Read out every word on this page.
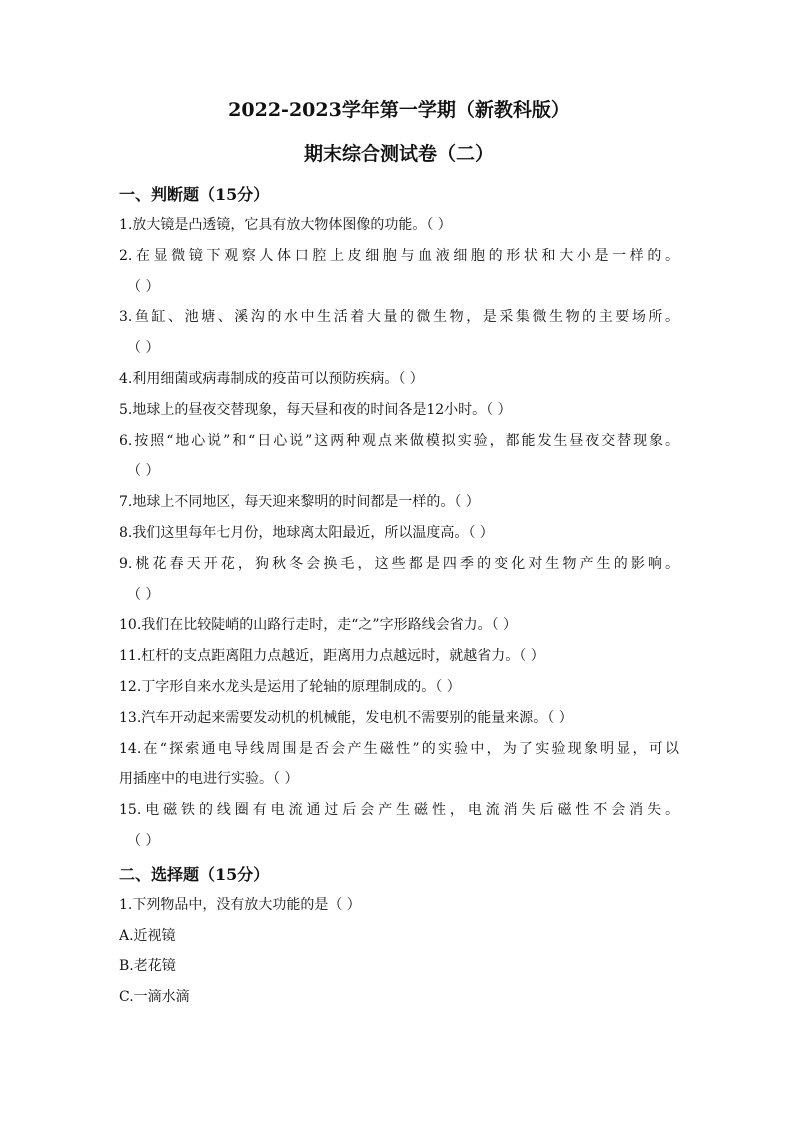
2022-2023学年第一学期（新教科版）
期末综合测试卷（二）
一、判断题（15分）
1.放大镜是凸透镜，它具有放大物体图像的功能。（ ）
2.在显微镜下观察人体口腔上皮细胞与血液细胞的形状和大小是一样的。
（ ）
3.鱼缸、池塘、溪沟的水中生活着大量的微生物，是采集微生物的主要场所。
（ ）
4.利用细菌或病毒制成的疫苗可以预防疾病。（ ）
5.地球上的昼夜交替现象，每天昼和夜的时间各是12小时。（ ）
6.按照“地心说”和“日心说”这两种观点来做模拟实验，都能发生昼夜交替现象。
（ ）
7.地球上不同地区，每天迎来黎明的时间都是一样的。（ ）
8.我们这里每年七月份，地球离太阳最近，所以温度高。（ ）
9.桃花春天开花，狗秋冬会换毛，这些都是四季的变化对生物产生的影响。
（ ）
10.我们在比较陡峭的山路行走时，走“之”字形路线会省力。（ ）
11.杠杆的支点距离阻力点越近，距离用力点越远时，就越省力。（ ）
12.丁字形自来水龙头是运用了轮轴的原理制成的。（ ）
13.汽车开动起来需要发动机的机械能，发电机不需要别的能量来源。（ ）
14.在“探索通电导线周围是否会产生磁性”的实验中，为了实验现象明显，可以
用插座中的电进行实验。（ ）
15.电磁铁的线圈有电流通过后会产生磁性，电流消失后磁性不会消失。
（ ）
二、选择题（15分）
1.下列物品中，没有放大功能的是（ ）
A.近视镜
B.老花镜
C.一滴水滴
